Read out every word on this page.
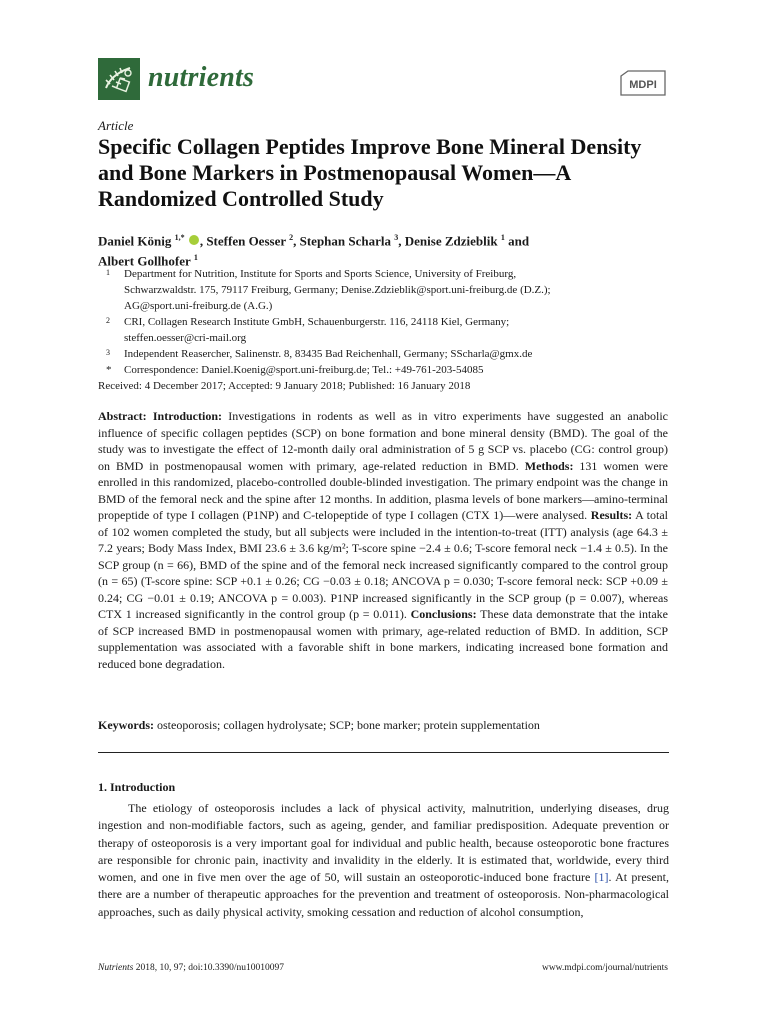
nutrients	MDPI
Article
Specific Collagen Peptides Improve Bone Mineral Density and Bone Markers in Postmenopausal Women—A Randomized Controlled Study
Daniel König $^{1,*}$ , Steffen Oesser $^2$, Stephan Scharla $^3$, Denise Zdzieblik $^1$ and
Albert Gollhofer $^1$
1 Department for Nutrition, Institute for Sports and Sports Science, University of Freiburg,
Schwarzwaldstr. 175, 79117 Freiburg, Germany; Denise.Zdzieblik@sport.uni-freiburg.de (D.Z.);
AG@sport.uni-freiburg.de (A.G.)
2 CRI, Collagen Research Institute GmbH, Schauenburgerstr. 116, 24118 Kiel, Germany;
steffen.oesser@cri-mail.org
3 Independent Reasercher, Salinenstr. 8, 83435 Bad Reichenhall, Germany; SScharla@gmx.de
* Correspondence: Daniel.Koenig@sport.uni-freiburg.de; Tel.: +49-761-203-54085
Received: 4 December 2017; Accepted: 9 January 2018; Published: 16 January 2018

Abstract: Introduction: Investigations in rodents as well as in vitro experiments have suggested an anabolic influence of specific collagen peptides (SCP) on bone formation and bone mineral density (BMD). The goal of the study was to investigate the effect of 12-month daily oral administration of 5 g SCP vs. placebo (CG: control group) on BMD in postmenopausal women with primary, age-related reduction in BMD. Methods: 131 women were enrolled in this randomized, placebo-controlled double-blinded investigation. The primary endpoint was the change in BMD of the femoral neck and the spine after 12 months. In addition, plasma levels of bone markers—amino-terminal propeptide of type I collagen (P1NP) and C-telopeptide of type I collagen (CTX 1)—were analysed. Results: A total of 102 women completed the study, but all subjects were included in the intention-to-treat (ITT) analysis (age 64.3 ± 7.2 years; Body Mass Index, BMI 23.6 ± 3.6 kg/m²; T-score spine −2.4 ± 0.6; T-score femoral neck −1.4 ± 0.5). In the SCP group (n = 66), BMD of the spine and of the femoral neck increased significantly compared to the control group (n = 65) (T-score spine: SCP +0.1 ± 0.26; CG −0.03 ± 0.18; ANCOVA p = 0.030; T-score femoral neck: SCP +0.09 ± 0.24; CG −0.01 ± 0.19; ANCOVA p = 0.003). P1NP increased significantly in the SCP group (p = 0.007), whereas CTX 1 increased significantly in the control group (p = 0.011). Conclusions: These data demonstrate that the intake of SCP increased BMD in postmenopausal women with primary, age-related reduction of BMD. In addition, SCP supplementation was associated with a favorable shift in bone markers, indicating increased bone formation and reduced bone degradation.

Keywords: osteoporosis; collagen hydrolysate; SCP; bone marker; protein supplementation
1. Introduction

The etiology of osteoporosis includes a lack of physical activity, malnutrition, underlying diseases, drug ingestion and non-modifiable factors, such as ageing, gender, and familiar predisposition. Adequate prevention or therapy of osteoporosis is a very important goal for individual and public health, because osteoporotic bone fractures are responsible for chronic pain, inactivity and invalidity in the elderly. It is estimated that, worldwide, every third women, and one in five men over the age of 50, will sustain an osteoporotic-induced bone fracture [1]. At present, there are a number of therapeutic approaches for the prevention and treatment of osteoporosis. Non-pharmacological approaches, such as daily physical activity, smoking cessation and reduction of alcohol consumption,

Nutrients 2018, 10, 97; doi:10.3390/nu10010097	www.mdpi.com/journal/nutrients
